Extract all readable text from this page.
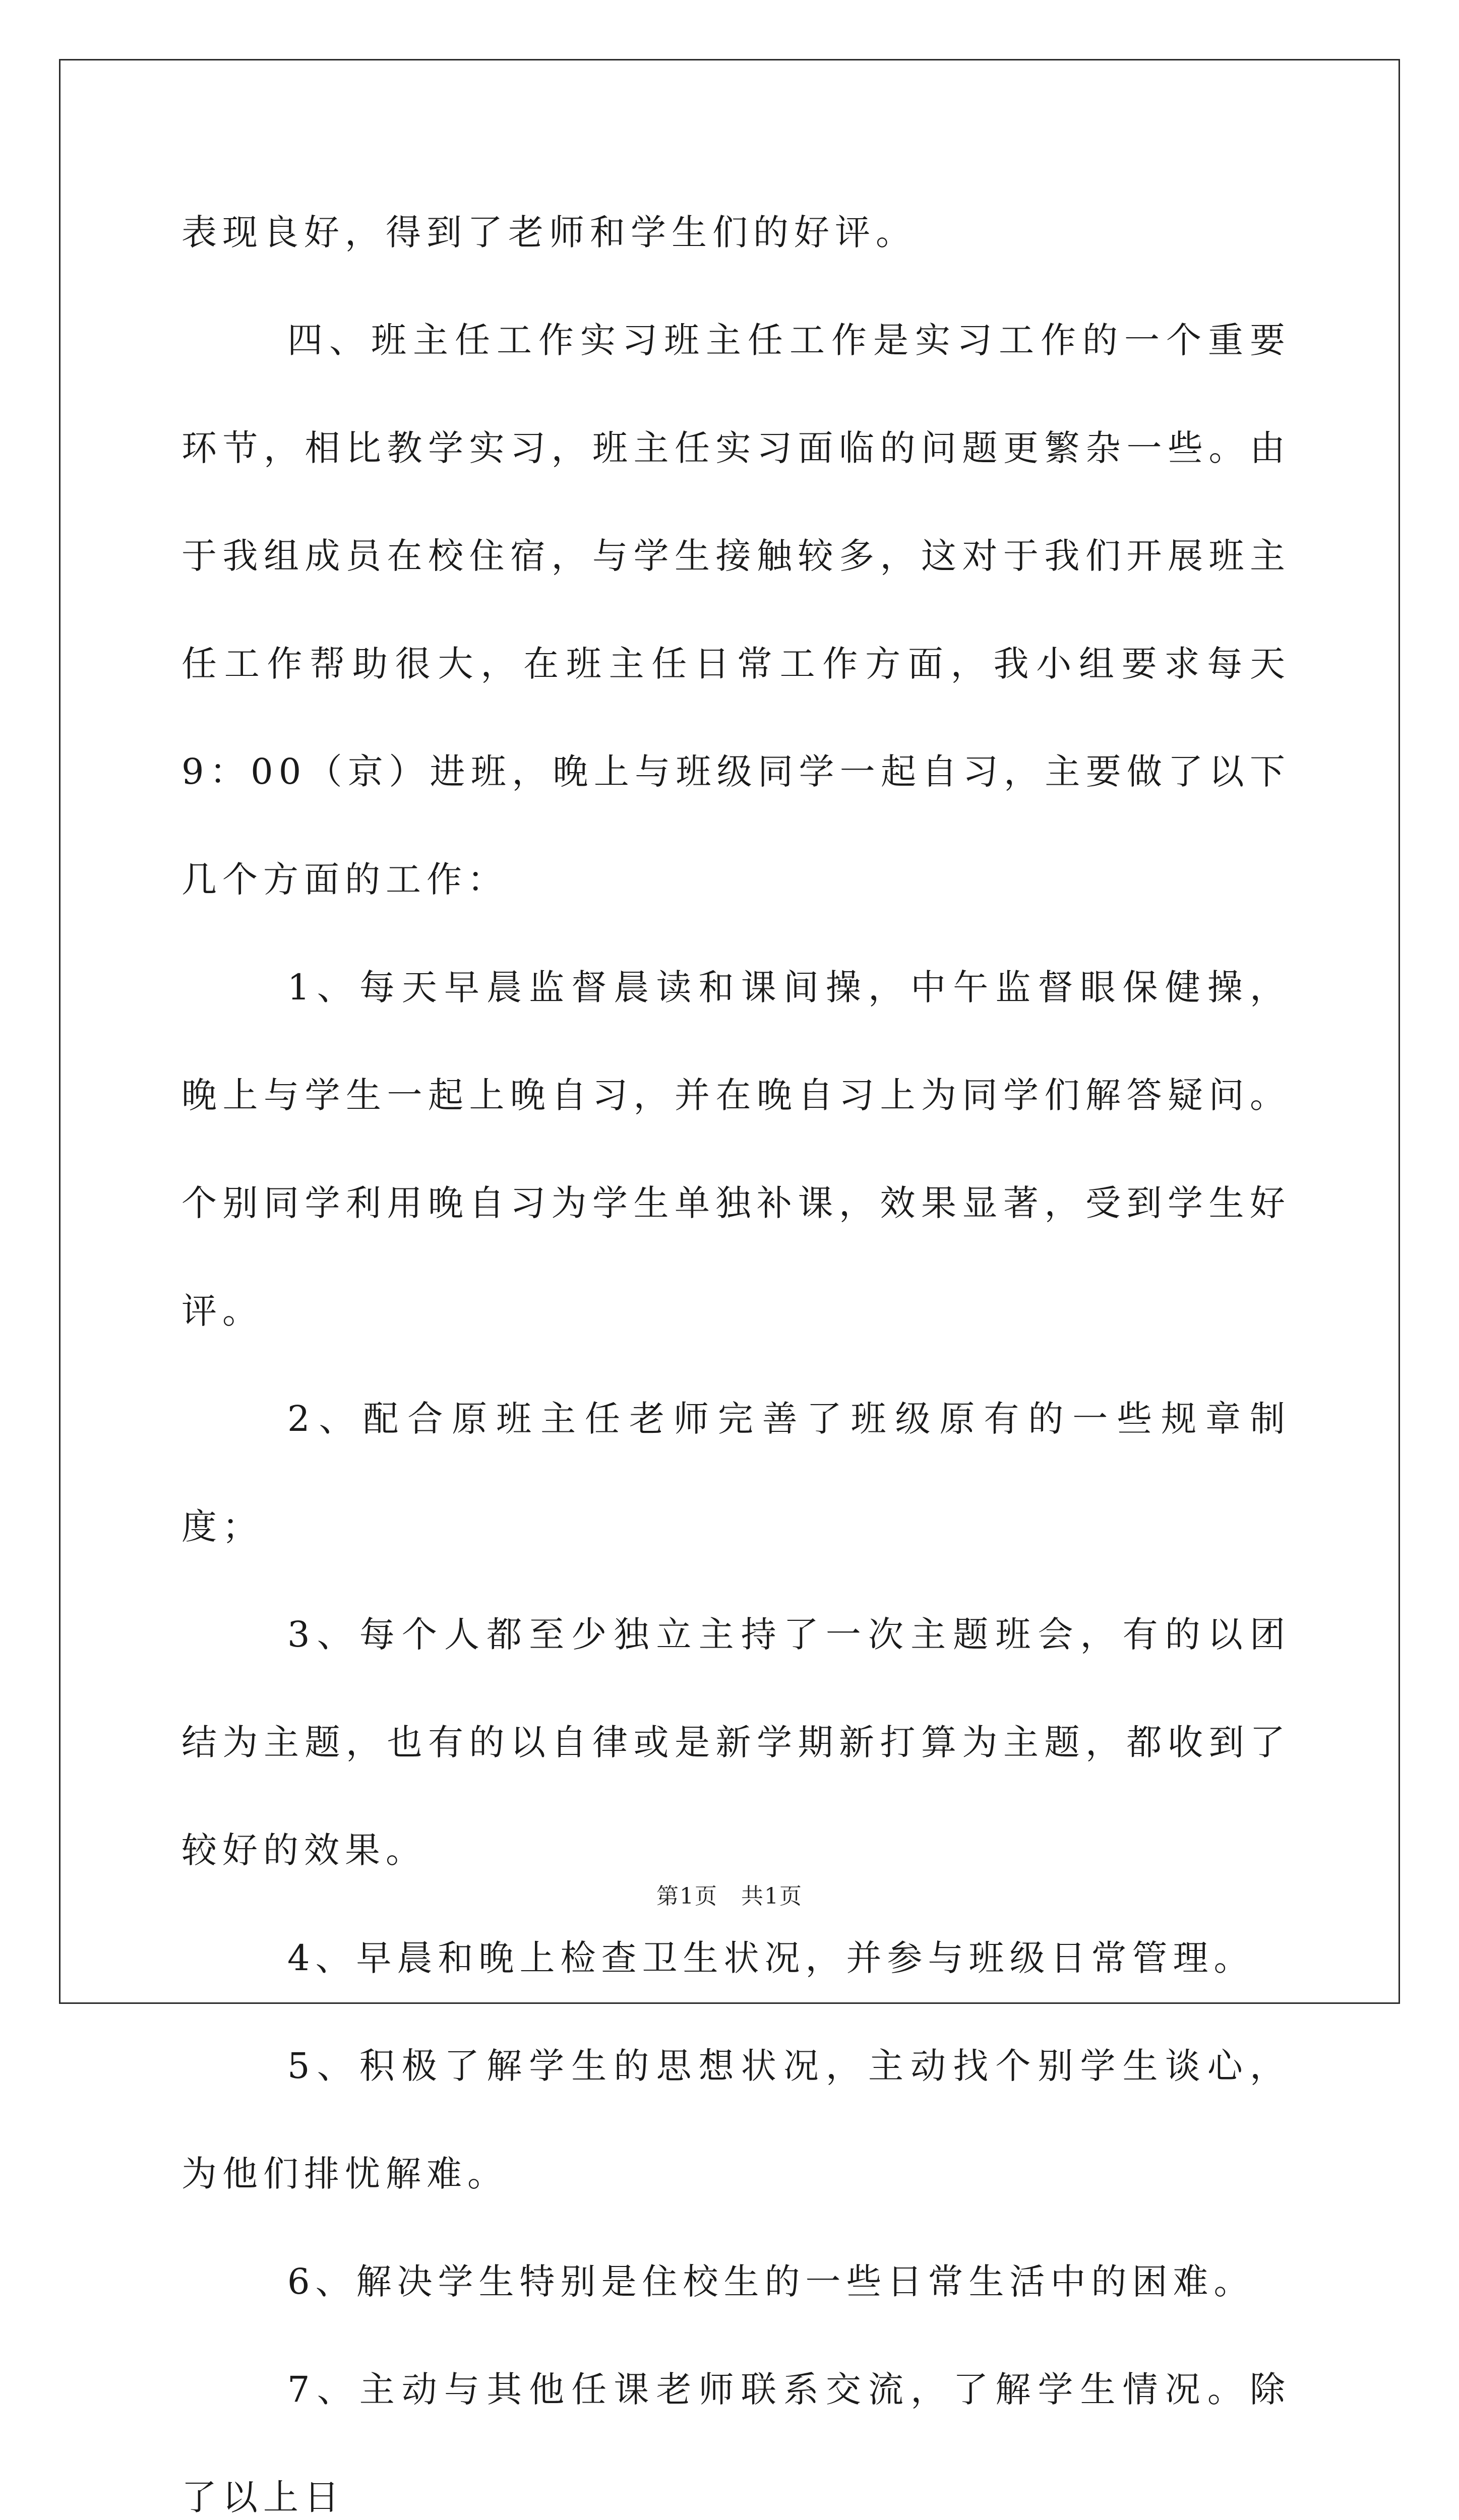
表现良好，得到了老师和学生们的好评。

四、班主任工作实习班主任工作是实习工作的一个重要环节，相比教学实习，班主任实习面临的问题更繁杂一些。由于我组成员在校住宿，与学生接触较多，这对于我们开展班主任工作帮助很大，在班主任日常工作方面，我小组要求每天9：00（京）进班，晚上与班级同学一起自习，主要做了以下几个方面的工作：

1、每天早晨监督晨读和课间操，中午监督眼保健操，晚上与学生一起上晚自习，并在晚自习上为同学们解答疑问。个别同学利用晚自习为学生单独补课，效果显著，受到学生好评。

2、配合原班主任老师完善了班级原有的一些规章制度；

3、每个人都至少独立主持了一次主题班会，有的以团结为主题，也有的以自律或是新学期新打算为主题，都收到了较好的效果。

4、早晨和晚上检查卫生状况，并参与班级日常管理。

5、积极了解学生的思想状况，主动找个别学生谈心，为他们排忧解难。

6、解决学生特别是住校生的一些日常生活中的困难。

7、主动与其他任课老师联系交流，了解学生情况。除了以上日

第1页　共1页
